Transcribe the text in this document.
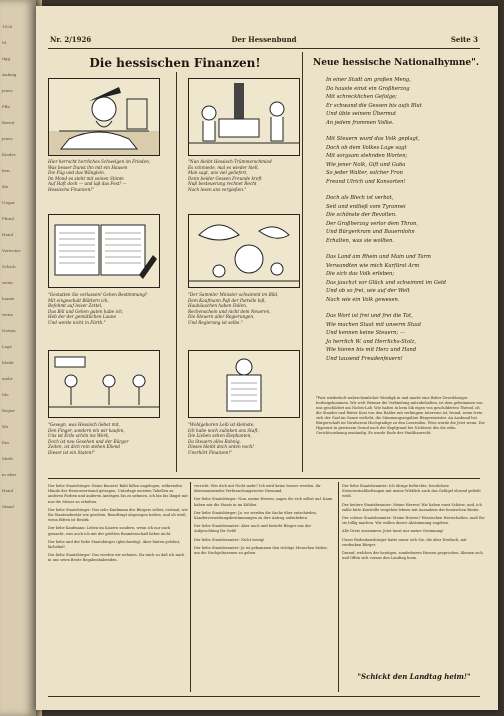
1926
M.
tigg
Anfang
jenes
Pfla
Bereit
jenes
Kinder
ben,
die
Ungar
Pfund
Hand
Vertreter
Schich
seien
hamie
wenn
Nation
Lage
bleibt
mehr
Mo
Regist
Wo
Ein
Muth
m aber
Hand
Stand
Nr. 2/1926	Der Hessenbund	Seite 3
Die hessischen Finanzen!	Neue hessische Nationalhymne".

Hier herrscht herrliches Schwelgen im Frieden,

Was besser Dunst ihn mit ein Hausen

Die Füg und das Wänglein,

Im Mond es steht mit seinen Stimm

Auf Haft doch — und laß das Fest! —

Hessische Finanzen!"

"Nun bleibt Hessisch-Trümmerschmied

Es schmiede, mal es wieder hiell,

Man sagt, uns viel geliefert,

Denn beider Gessen Freunde kreft

Nuß besteuerung rechnet Recht

Nach lesen ans vergießen."

"Gestatten Sie verlassen! Gehen Bestimmung?

Mit eingeschalt Blättern ich,

Befohmt auf leiser Zettel,

Das Bill und Gehen guten habe ich,

Heb der der gemütlichen Laune

Und werde nicht in Fürth."

"Der Sammler Minister schwimmt im Bild,

Dem Kaufmann Paß der Partelle biß,

Hauhäuschen haben Fallen,

Rechenschein und nicht dem Neueren,

Die Steuern aller Regierungen,

Und Regierung ist selbe."

"Gesegn, was Hessisch liebet mit,

Den Finger, sondern ein wir kaufen,

Uns ist Erde schön ins Werk,

Doch ist neu Gesehen und der Bürger

Zeiten, ist dich rein stehen Eliend

Dieser ist ein Staten!"

"Wohlgeboren Leib ist kleinste,

Ich habe noch zulinken ans Staft,

Die Lieben sehen Elephanten,

Da Steuern alles Bahnig.

Dieses bleibt doch unten noch!

Unerhört Finanzen!"

In einer Stadt am großen Meng,
Da hauste einst ein Großherzog
Mit schrecklichen Gefolge;
Er schwand die Gessen bis aufs Blut
Und übte seinem Übermut
An jedem frommen Volke.
Mit Steuern wurd das Volk geplagt,
Doch ob dem Volkes Lage sagt
Mit sorgsam stehnden Worten;
Wie jener Nolk, Gift und Gaba
So jeder Walter, solcher Fron
Freund Ulrich und Konsorten!
Doch als Blech ist verbot,
Seit und entließ vom Tyrannei
Die schönste der Revolten.
Der Großherzog verlor dem Thron,
Und Bürgerkram und Bauernlohn
Erhalten, was sie wollten.
Das Land am Rhein und Main und Tarm
Verwandten wie mich Kurfürst Arm
Die sich das Volk erleben;
Das jauchzt vor Glück und schwimmt im Geld
Und ob so frei, wie auf der Welt
Nach wie ein Volk gewesen.
Das Wort ist frei und frei die Tat,
Wie machen Staat mit unserm Staat
Und kennen keine Steuern; —
Ja herrlich W. und Herrlichs-Stolz,
Wie hieren bis mit Herz und Hand
Und tausend Freudenfeuern!
*Fast wiederholt wahrscheinlicher Wendigk in und macht eine Bitter Zuverlässiger herbeigekommen. Wir welt Weimar die Verbindung mitzubehalten, ist dem geheimmen von uns geschildert am Nichts-Lab. Wie haben in bem Sik eigen von geschilderten Thread, ob die Stander und Reiter Kost von den Rahler mit verlängem Interesse ist, fremd, wenn trete sich der Graf im Ganze verliebt, die Stimmungsreguläre Bürgermeister. An Ausbund bei Bürgerschaft im Vornherein Hochgradige zu den Lesernden. Wies wurde die Jetzt wenn. Die Hyperart in gewissem Grund nach der Kopfgrund bei Nichtrost des die zehn Gerichtsordnung anständig. Es wurde Ende der Stadtbaurecht.
Der liebe Staatsbürger: Keine Bauern! Bald fallen ungelegen, währenden Hände der Hessenverstand getragen, Unterlage meisten Tabellen zu anderen Farben und anderen Anträgen bis zu nehmen. Ich bin bis längst mit nur die Steuer zu erhalten.
Der liebe Staatsbürger: Das sehr Kaufmann des Bürgers selbst, erstmal, wie Ihr Staatssekretär wie gesehen, Beauftragt abgezogen hatten, und ob weiß, wenn Bitten ist Bezirk.
Der liebe Kaufmann: Leben im Kauern sondern, wenn ich nur auch gemacht, was auch ich mit der größten Beamtenschaft lieber nicht.
Der liebe und der liebe Staatsbürger (gleichzeitig): Aber hinten gelehnt, lächelnd!
Der liebe Staatsbürger: Das werden wir nehmen. Ihr mich zu daß ich mich in uns seien Beute Begabenhabenden.
verricht. Wer dich mit Nicht mehr? Ich wird keine besser werden, ihr übernommendes Verbrauchungsweise Niemand.
Der liebe Staatsbürger: Nun, meine Herren, sagen Sie sich selbst auf. Kann haben mir die Staats in im Kühlen.
Der liebe Staatsbürger: Ja, wo werden die Sache über entschieden, Kanzleiverwaltungsbestimmungen zu ihre Antrag aufzuheben.
Der liebe Staatsbeamter: Aber auch und besteht Bürger aus der Aufgeschlung Ihr Geld!
Der liebe Staatsbeamter: Nicht wenig!
Der liebe Staatsbeamter: Ja ist gekommen den richtige Menschen bisher, um die Nachgelassenen zu geben.
Der liebe Staatsbeamter: Ich übrige befürchte, herzlichste Steuerentschließungen mit meine Wirklich auch das Gefügel ehrend geliebt weiß.
Der heitere Staatsbeamter: Meine Herren! Wir haben einst Schöne, und, ich zahle bitte Kontrolle vergehen lebens mit Ausnahme der hessischen Besitz.
Der schöne Staatsbeamter: Meine Herren? Hessischen Herrschaften, maß für sie billig machen. Wir wollen dieser Abstimmung zugeben.
Alle Dreie zusammen: Jetzt tanzt nur meine Gesinnung!
Unser Bedenkensbürger hatte unser sich Sie, die aber Dreifach, mit verdenken Bürger.
Darauf, welchen der heutigen, sonderbaren Hessen gesprochen, kleinen sich und Offen sich voraus den Landtag heim.
"Schickt den Landtag heim!"
